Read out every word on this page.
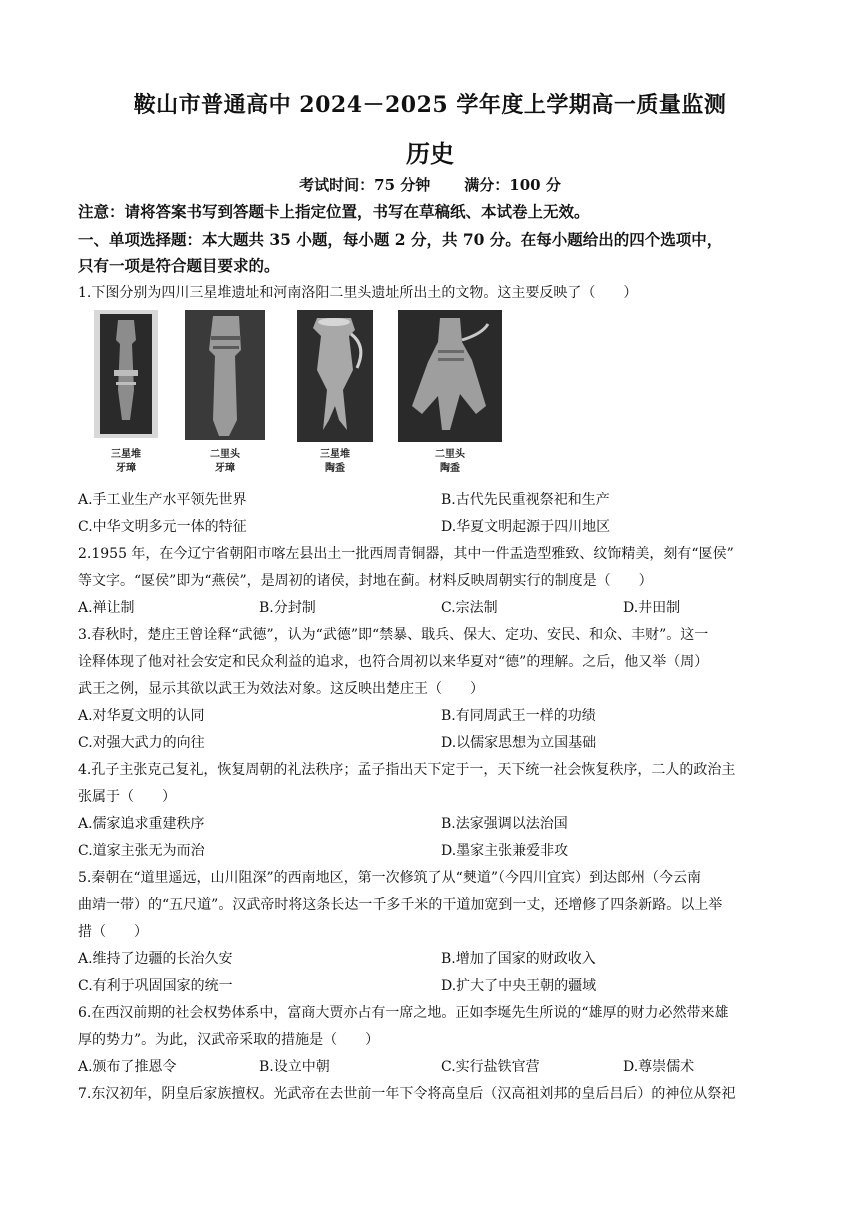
鞍山市普通高中 2024－2025 学年度上学期高一质量监测
历史
考试时间：75 分钟 满分：100 分
注意：请将答案书写到答题卡上指定位置，书写在草稿纸、本试卷上无效。
一、单项选择题：本大题共 35 小题，每小题 2 分，共 70 分。在每小题给出的四个选项中，
只有一项是符合题目要求的。
1.下图分别为四川三星堆遗址和河南洛阳二里头遗址所出土的文物。这主要反映了（　　）
三星堆
牙璋
二里头
牙璋
三星堆
陶盉
二里头
陶盉
A.手工业生产水平领先世界	B.古代先民重视祭祀和生产
C.中华文明多元一体的特征	D.华夏文明起源于四川地区
2.1955 年，在今辽宁省朝阳市喀左县出土一批西周青铜器，其中一件盂造型雅致、纹饰精美，刻有“匽侯”
等文字。“匽侯”即为“燕侯”，是周初的诸侯，封地在蓟。材料反映周朝实行的制度是（　　）
A.禅让制	B.分封制	C.宗法制	D.井田制
3.春秋时，楚庄王曾诠释“武德”，认为“武德”即“禁暴、戢兵、保大、定功、安民、和众、丰财”。这一
诠释体现了他对社会安定和民众利益的追求，也符合周初以来华夏对“德”的理解。之后，他又举（周）
武王之例，显示其欲以武王为效法对象。这反映出楚庄王（　　）
A.对华夏文明的认同	B.有同周武王一样的功绩
C.对强大武力的向往	D.以儒家思想为立国基础
4.孔子主张克己复礼，恢复周朝的礼法秩序；孟子指出天下定于一，天下统一社会恢复秩序，二人的政治主
张属于（　　）
A.儒家追求重建秩序	B.法家强调以法治国
C.道家主张无为而治	D.墨家主张兼爱非攻
5.秦朝在“道里遥远，山川阻深”的西南地区，第一次修筑了从“僰道”（今四川宜宾）到达郎州（今云南
曲靖一带）的“五尺道”。汉武帝时将这条长达一千多千米的干道加宽到一丈，还增修了四条新路。以上举
措（　　）
A.维持了边疆的长治久安	B.增加了国家的财政收入
C.有利于巩固国家的统一	D.扩大了中央王朝的疆域
6.在西汉前期的社会权势体系中，富商大贾亦占有一席之地。正如李埏先生所说的“雄厚的财力必然带来雄
厚的势力”。为此，汉武帝采取的措施是（　　）
A.颁布了推恩令	B.设立中朝	C.实行盐铁官营	D.尊崇儒术
7.东汉初年，阴皇后家族擅权。光武帝在去世前一年下令将高皇后（汉高祖刘邦的皇后吕后）的神位从祭祀
